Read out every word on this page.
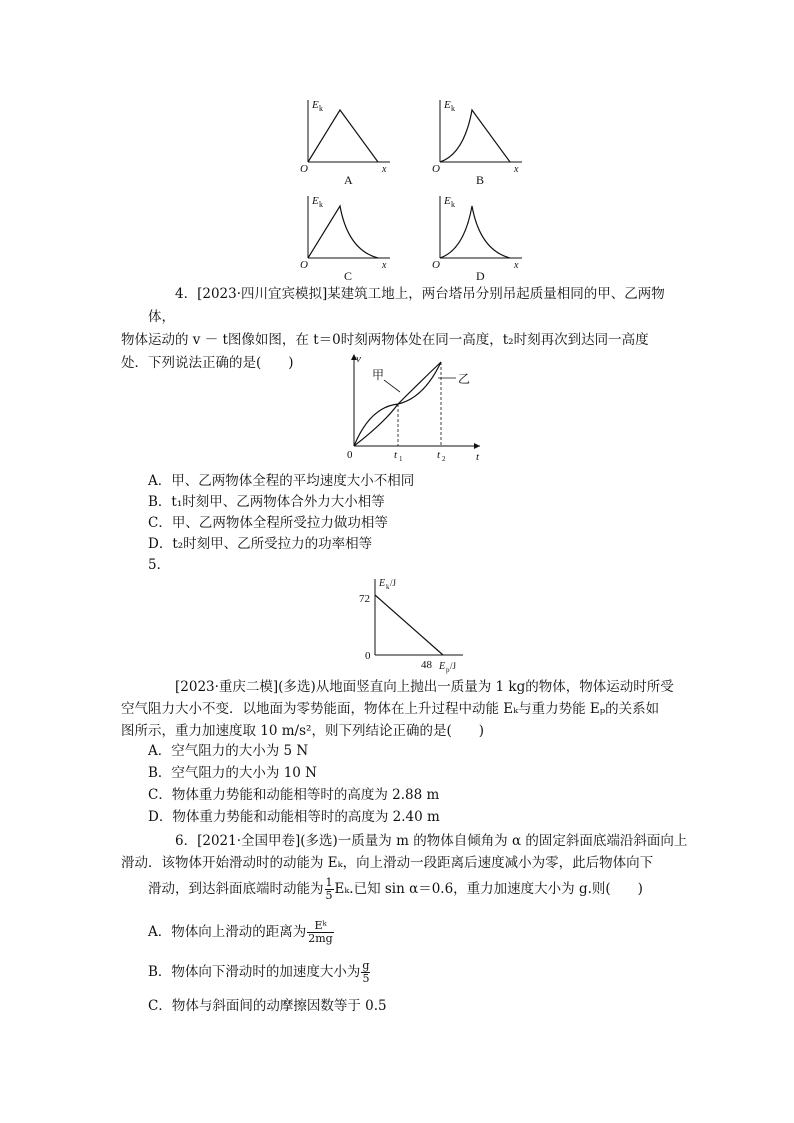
E k
O	x
A
E k
O	x
B
E k
O	x
C
E k
O	x
D
4．[2023·四川宜宾模拟]某建筑工地上，两台塔吊分别吊起质量相同的甲、乙两物体，
物体运动的 v － t图像如图，在 t＝0时刻两物体处在同一高度，t₂时刻再次到达同一高度
处．下列说法正确的是(　　)
甲	乙
v
0	t
t 1	t 2
A．甲、乙两物体全程的平均速度大小不相同
B．t₁时刻甲、乙两物体合外力大小相等
C．甲、乙两物体全程所受拉力做功相等
D．t₂时刻甲、乙所受拉力的功率相等
5．
E k /J
72
0
48 E p /J
[2023·重庆二模](多选)从地面竖直向上抛出一质量为 1 kg的物体，物体运动时所受
空气阻力大小不变．以地面为零势能面，物体在上升过程中动能 Eₖ与重力势能 Eₚ的关系如
图所示，重力加速度取 10 m/s²，则下列结论正确的是(　　)
A．空气阻力的大小为 5 N
B．空气阻力的大小为 10 N
C．物体重力势能和动能相等时的高度为 2.88 m
D．物体重力势能和动能相等时的高度为 2.40 m
6．[2021·全国甲卷](多选)一质量为 m 的物体自倾角为 α 的固定斜面底端沿斜面向上
滑动．该物体开始滑动时的动能为 Eₖ，向上滑动一段距离后速度减小为零，此后物体向下
滑动，到达斜面底端时动能为 $\frac{1}{5} E_k$.已知 sin α＝0.6，重力加速度大小为 g.则(　　)
A．物体向上滑动的距离为 $\frac{\text{Eᵏ}}{2mg}$
B．物体向下滑动时的加速度大小为 $\frac{g}{5}$
C．物体与斜面间的动摩擦因数等于 0.5
